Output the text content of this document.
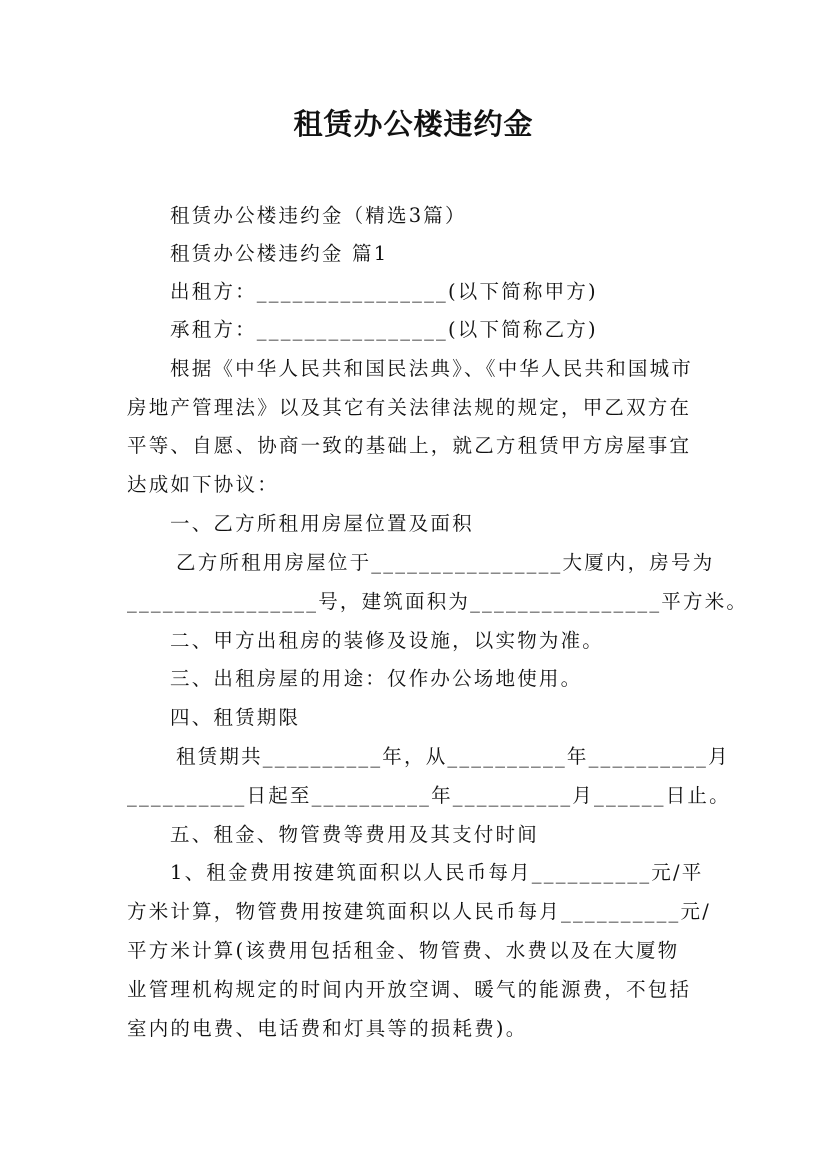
租赁办公楼违约金
租赁办公楼违约金（精选3篇）
租赁办公楼违约金 篇1
出租方：________________(以下简称甲方)
承租方：________________(以下简称乙方)
根据《中华人民共和国民法典》、《中华人民共和国城市
房地产管理法》以及其它有关法律法规的规定，甲乙双方在
平等、自愿、协商一致的基础上，就乙方租赁甲方房屋事宜
达成如下协议：
一、乙方所租用房屋位置及面积
乙方所租用房屋位于________________大厦内，房号为
________________号，建筑面积为________________平方米。
二、甲方出租房的装修及设施，以实物为准。
三、出租房屋的用途：仅作办公场地使用。
四、租赁期限
租赁期共__________年，从__________年__________月
__________日起至__________年__________月______日止。
五、租金、物管费等费用及其支付时间
1、租金费用按建筑面积以人民币每月__________元/平
方米计算，物管费用按建筑面积以人民币每月__________元/
平方米计算(该费用包括租金、物管费、水费以及在大厦物
业管理机构规定的时间内开放空调、暖气的能源费，不包括
室内的电费、电话费和灯具等的损耗费)。
